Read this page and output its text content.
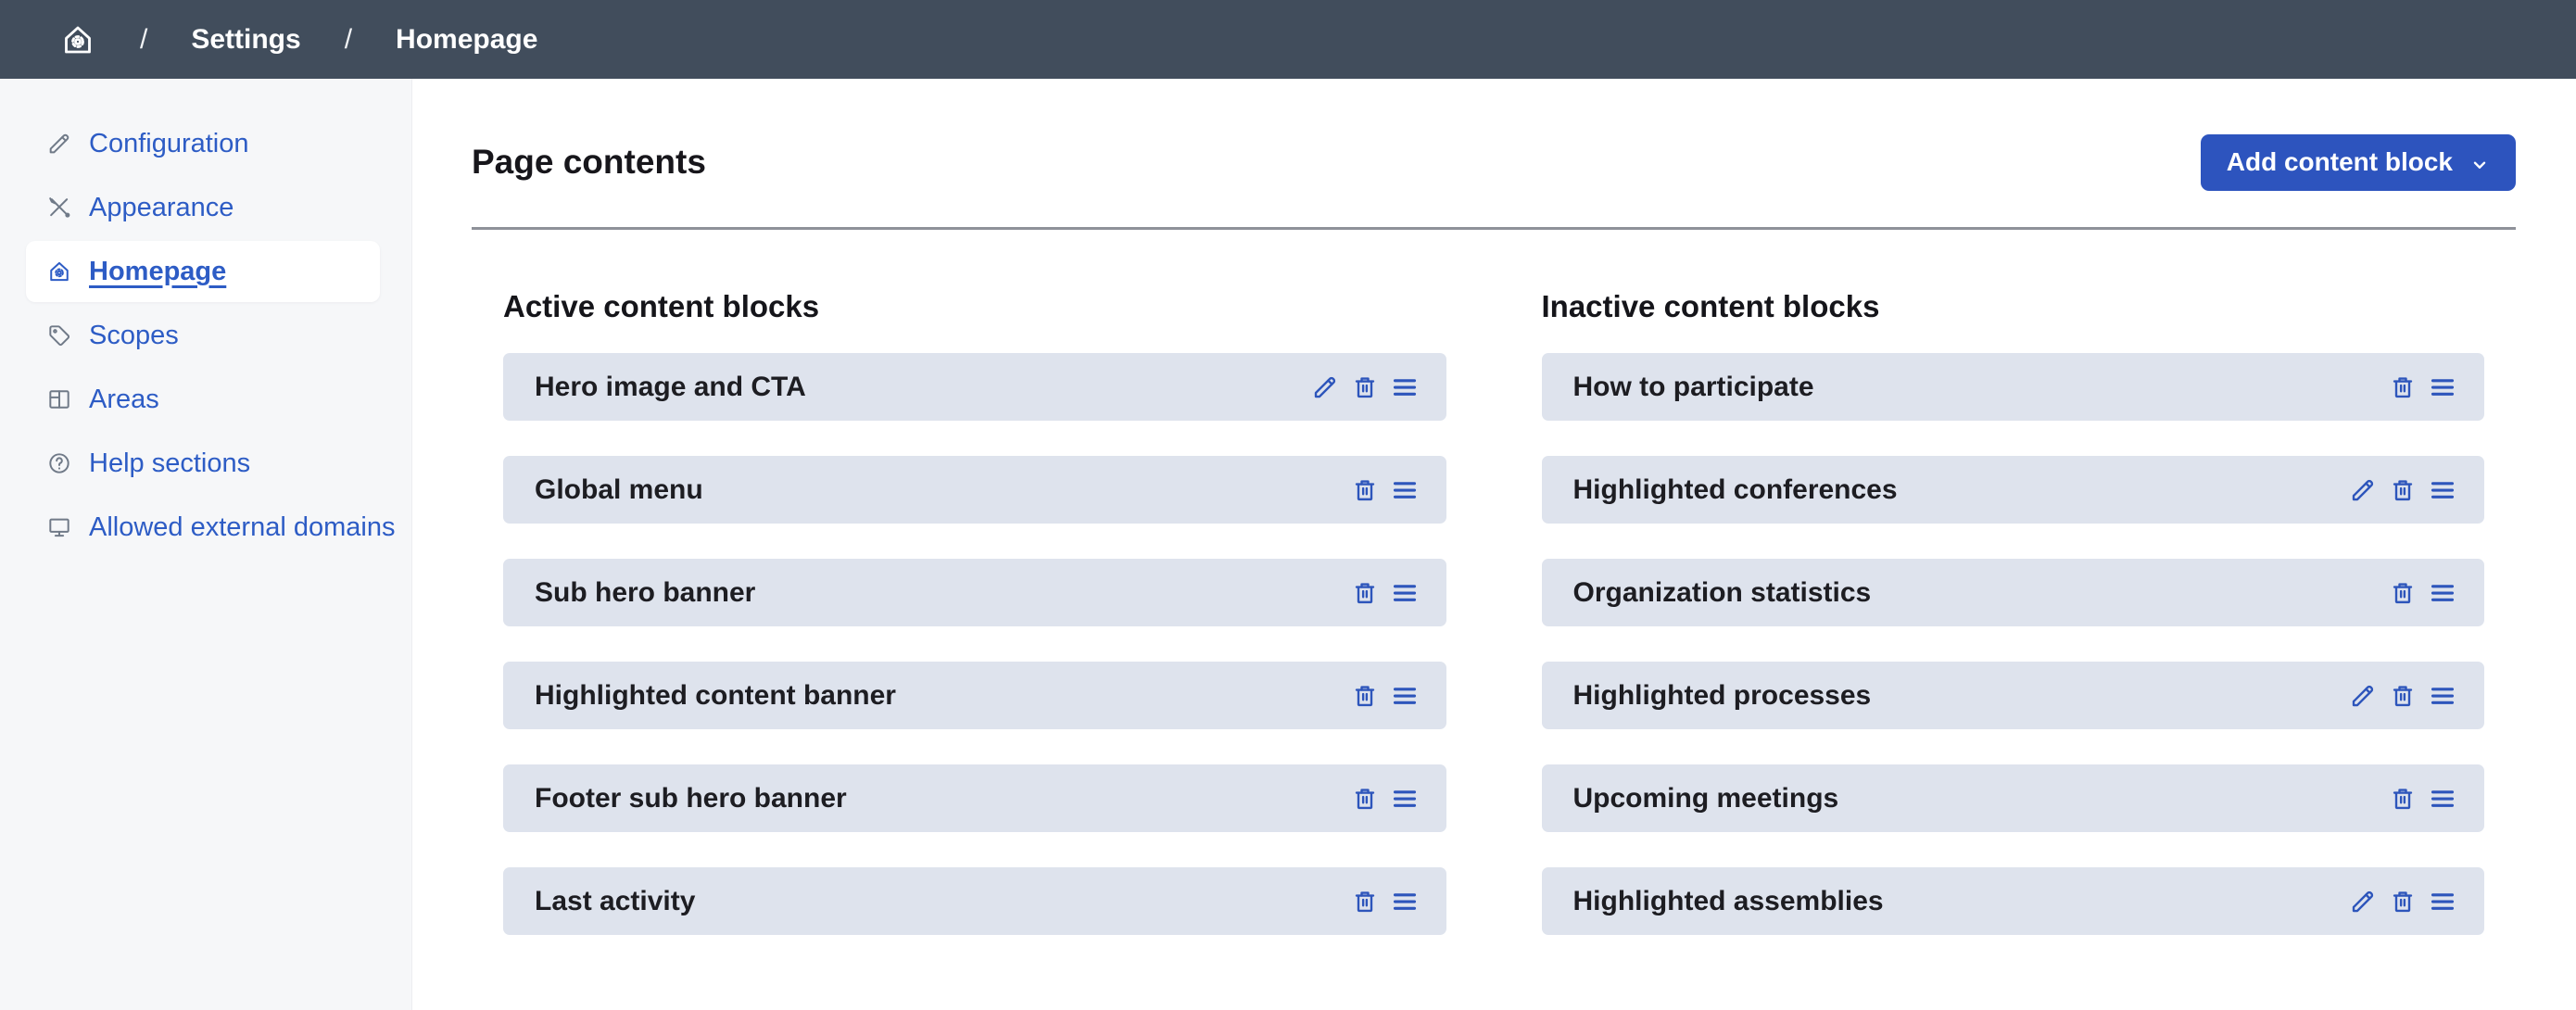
/ Settings / Homepage
Configuration
Appearance
Homepage
Scopes
Areas
Help sections
Allowed external domains
Page contents	Add content block
Active content blocks
Hero image and CTA
Global menu
Sub hero banner
Highlighted content banner
Footer sub hero banner
Last activity
Inactive content blocks
How to participate
Highlighted conferences
Organization statistics
Highlighted processes
Upcoming meetings
Highlighted assemblies
